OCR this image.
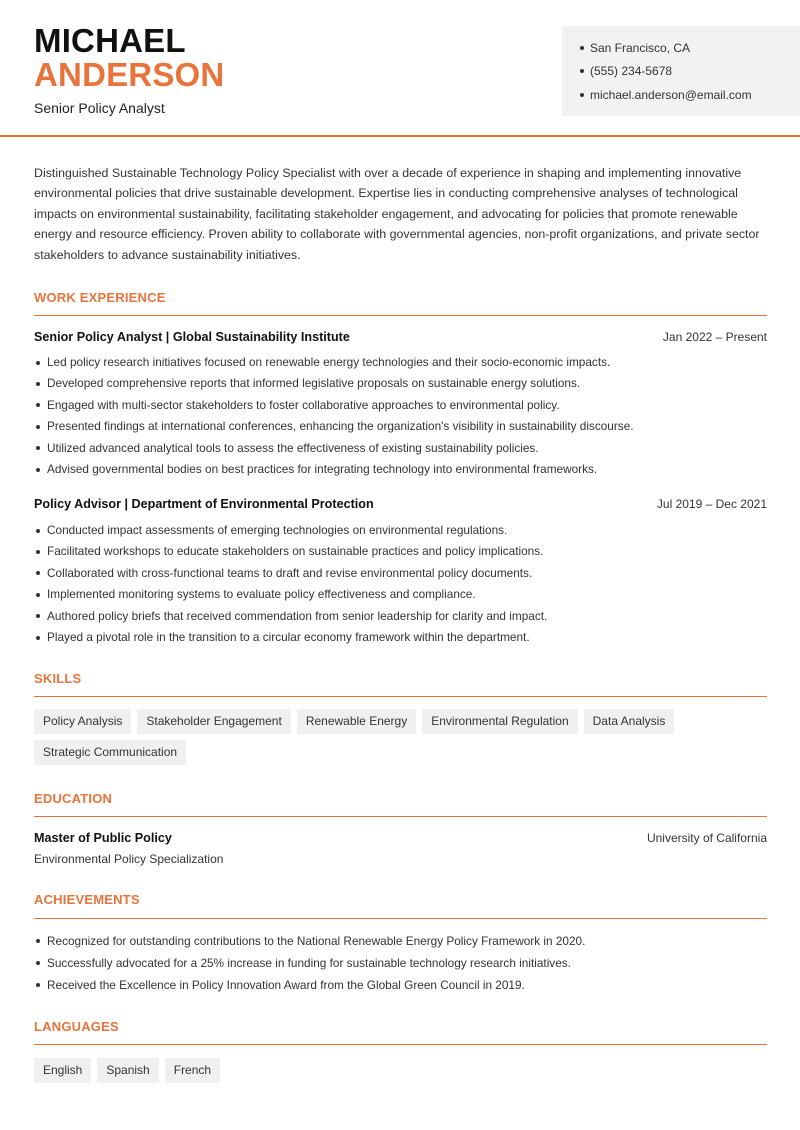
MICHAEL
ANDERSON
Senior Policy Analyst
San Francisco, CA
(555) 234-5678
michael.anderson@email.com
Distinguished Sustainable Technology Policy Specialist with over a decade of experience in shaping and implementing innovative environmental policies that drive sustainable development. Expertise lies in conducting comprehensive analyses of technological impacts on environmental sustainability, facilitating stakeholder engagement, and advocating for policies that promote renewable energy and resource efficiency. Proven ability to collaborate with governmental agencies, non-profit organizations, and private sector stakeholders to advance sustainability initiatives.
WORK EXPERIENCE
Senior Policy Analyst | Global Sustainability Institute	Jan 2022 – Present
Led policy research initiatives focused on renewable energy technologies and their socio-economic impacts.
Developed comprehensive reports that informed legislative proposals on sustainable energy solutions.
Engaged with multi-sector stakeholders to foster collaborative approaches to environmental policy.
Presented findings at international conferences, enhancing the organization's visibility in sustainability discourse.
Utilized advanced analytical tools to assess the effectiveness of existing sustainability policies.
Advised governmental bodies on best practices for integrating technology into environmental frameworks.
Policy Advisor | Department of Environmental Protection	Jul 2019 – Dec 2021
Conducted impact assessments of emerging technologies on environmental regulations.
Facilitated workshops to educate stakeholders on sustainable practices and policy implications.
Collaborated with cross-functional teams to draft and revise environmental policy documents.
Implemented monitoring systems to evaluate policy effectiveness and compliance.
Authored policy briefs that received commendation from senior leadership for clarity and impact.
Played a pivotal role in the transition to a circular economy framework within the department.
SKILLS
Policy Analysis	Stakeholder Engagement	Renewable Energy	Environmental Regulation	Data Analysis
Strategic Communication
EDUCATION
Master of Public Policy	University of California
Environmental Policy Specialization
ACHIEVEMENTS
Recognized for outstanding contributions to the National Renewable Energy Policy Framework in 2020.
Successfully advocated for a 25% increase in funding for sustainable technology research initiatives.
Received the Excellence in Policy Innovation Award from the Global Green Council in 2019.
LANGUAGES
English	Spanish	French
